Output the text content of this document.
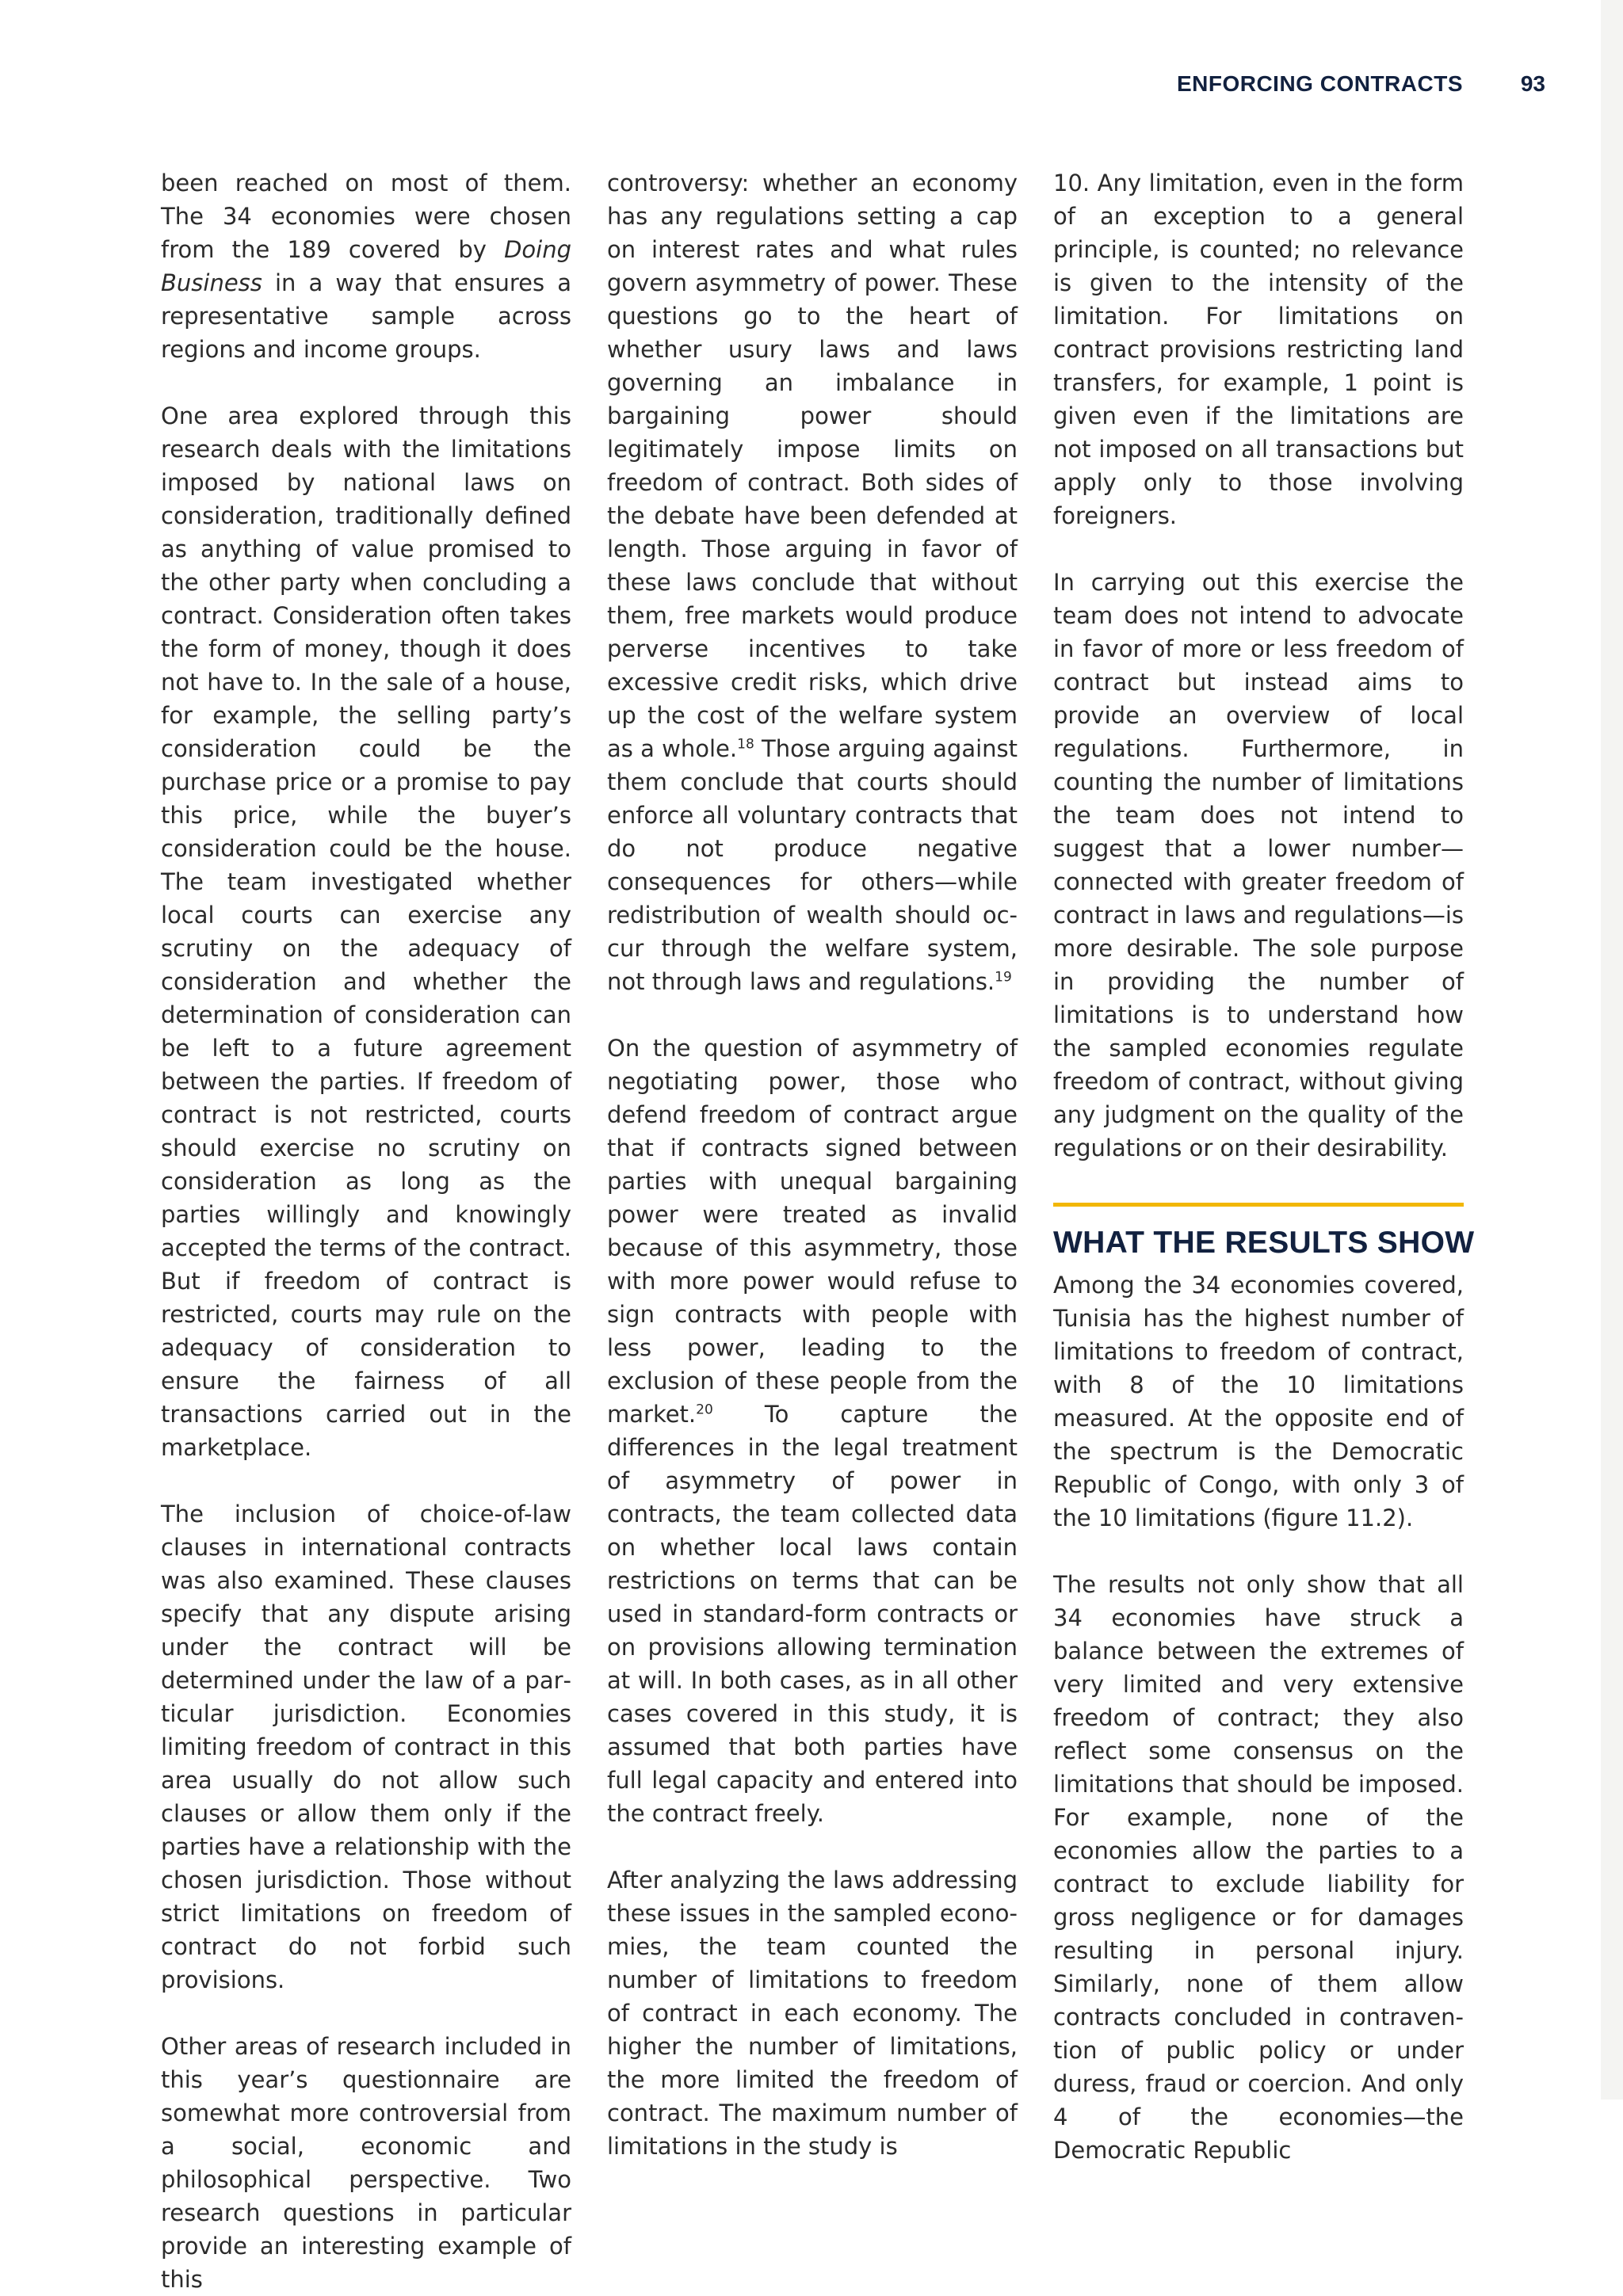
ENFORCING CONTRACTS	93

been reached on most of them. The 34 economies were chosen from the 189 covered by Doing Business in a way that ensures a representative sample across regions and income groups.

One area explored through this research deals with the limitations imposed by national laws on consideration, traditionally defined as anything of value promised to the other party when concluding a contract. Consideration often takes the form of money, though it does not have to. In the sale of a house, for example, the selling party’s consideration could be the purchase price or a promise to pay this price, while the buyer’s consideration could be the house. The team investigated whether local courts can exercise any scrutiny on the adequacy of consideration and whether the determination of consideration can be left to a future agreement between the parties. If freedom of contract is not restricted, courts should exercise no scrutiny on consideration as long as the parties willingly and knowingly accepted the terms of the contract. But if freedom of contract is restricted, courts may rule on the adequacy of consideration to ensure the fairness of all transactions carried out in the marketplace.

The inclusion of choice-of-law clauses in international contracts was also examined. These clauses specify that any dispute arising under the contract will be determined under the law of a particular jurisdiction. Economies limiting freedom of contract in this area usually do not allow such clauses or allow them only if the parties have a relationship with the chosen jurisdiction. Those without strict limitations on freedom of contract do not forbid such provisions.

Other areas of research included in this year’s questionnaire are somewhat more controversial from a social, economic and philosophical perspective. Two research questions in particular provide an interesting example of this

controversy: whether an economy has any regulations setting a cap on interest rates and what rules govern asymmetry of power. These questions go to the heart of whether usury laws and laws governing an imbalance in bargaining power should legitimately impose limits on freedom of contract. Both sides of the debate have been defended at length. Those arguing in favor of these laws conclude that without them, free markets would produce perverse incentives to take excessive credit risks, which drive up the cost of the welfare system as a whole.$^{18}$ Those arguing against them conclude that courts should enforce all voluntary contracts that do not produce negative consequences for others—while redistribution of wealth should occur through the welfare system, not through laws and regulations.$^{19}$

On the question of asymmetry of negotiating power, those who defend freedom of contract argue that if contracts signed between parties with unequal bargaining power were treated as invalid because of this asymmetry, those with more power would refuse to sign contracts with people with less power, leading to the exclusion of these people from the market.$^{20}$ To capture the differences in the legal treatment of asymmetry of power in contracts, the team collected data on whether local laws contain restrictions on terms that can be used in standard-form contracts or on provisions allowing termination at will. In both cases, as in all other cases covered in this study, it is assumed that both parties have full legal capacity and entered into the contract freely.

After analyzing the laws addressing these issues in the sampled economies, the team counted the number of limitations to freedom of contract in each economy. The higher the number of limitations, the more limited the freedom of contract. The maximum number of limitations in the study is

10. Any limitation, even in the form of an exception to a general principle, is counted; no relevance is given to the intensity of the limitation. For limitations on contract provisions restricting land transfers, for example, 1 point is given even if the limitations are not imposed on all transactions but apply only to those involving foreigners.

In carrying out this exercise the team does not intend to advocate in favor of more or less freedom of contract but instead aims to provide an overview of local regulations. Furthermore, in counting the number of limitations the team does not intend to suggest that a lower number—connected with greater freedom of contract in laws and regulations—is more desirable. The sole purpose in providing the number of limitations is to understand how the sampled economies regulate freedom of contract, without giving any judgment on the quality of the regulations or on their desirability.

WHAT THE RESULTS SHOW

Among the 34 economies covered, Tunisia has the highest number of limitations to freedom of contract, with 8 of the 10 limitations measured. At the opposite end of the spectrum is the Democratic Republic of Congo, with only 3 of the 10 limitations (figure 11.2).

The results not only show that all 34 economies have struck a balance between the extremes of very limited and very extensive freedom of contract; they also reflect some consensus on the limitations that should be imposed. For example, none of the economies allow the parties to a contract to exclude liability for gross negligence or for damages resulting in personal injury. Similarly, none of them allow contracts concluded in contravention of public policy or under duress, fraud or coercion. And only 4 of the economies—the Democratic Republic
